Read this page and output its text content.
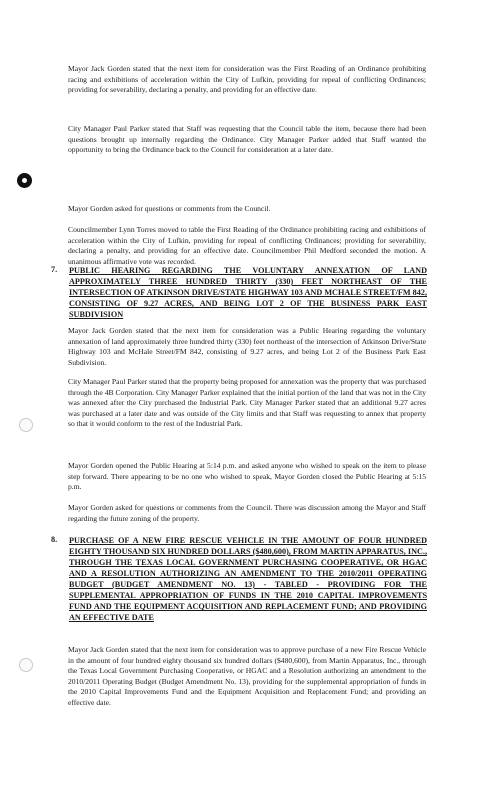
Mayor Jack Gorden stated that the next item for consideration was the First Reading of an Ordinance prohibiting racing and exhibitions of acceleration within the City of Lufkin, providing for repeal of conflicting Ordinances; providing for severability, declaring a penalty, and providing for an effective date.

City Manager Paul Parker stated that Staff was requesting that the Council table the item, because there had been questions brought up internally regarding the Ordinance. City Manager Parker added that Staff wanted the opportunity to bring the Ordinance back to the Council for consideration at a later date.

Mayor Gorden asked for questions or comments from the Council.

Councilmember Lynn Torres moved to table the First Reading of the Ordinance prohibiting racing and exhibitions of acceleration within the City of Lufkin, providing for repeal of conflicting Ordinances; providing for severability, declaring a penalty, and providing for an effective date. Councilmember Phil Medford seconded the motion. A unanimous affirmative vote was recorded.

7. PUBLIC HEARING REGARDING THE VOLUNTARY ANNEXATION OF LAND APPROXIMATELY THREE HUNDRED THIRTY (330) FEET NORTHEAST OF THE INTERSECTION OF ATKINSON DRIVE/STATE HIGHWAY 103 AND MCHALE STREET/FM 842, CONSISTING OF 9.27 ACRES, AND BEING LOT 2 OF THE BUSINESS PARK EAST SUBDIVISION

Mayor Jack Gorden stated that the next item for consideration was a Public Hearing regarding the voluntary annexation of land approximately three hundred thirty (330) feet northeast of the intersection of Atkinson Drive/State Highway 103 and McHale Street/FM 842, consisting of 9.27 acres, and being Lot 2 of the Business Park East Subdivision.

City Manager Paul Parker stated that the property being proposed for annexation was the property that was purchased through the 4B Corporation. City Manager Parker explained that the initial portion of the land that was not in the City was annexed after the City purchased the Industrial Park. City Manager Parker stated that an additional 9.27 acres was purchased at a later date and was outside of the City limits and that Staff was requesting to annex that property so that it would conform to the rest of the Industrial Park.

Mayor Gorden opened the Public Hearing at 5:14 p.m. and asked anyone who wished to speak on the item to please step forward. There appearing to be no one who wished to speak, Mayor Gorden closed the Public Hearing at 5:15 p.m.

Mayor Gorden asked for questions or comments from the Council. There was discussion among the Mayor and Staff regarding the future zoning of the property.

8. PURCHASE OF A NEW FIRE RESCUE VEHICLE IN THE AMOUNT OF FOUR HUNDRED EIGHTY THOUSAND SIX HUNDRED DOLLARS ($480,600), FROM MARTIN APPARATUS, INC., THROUGH THE TEXAS LOCAL GOVERNMENT PURCHASING COOPERATIVE, OR HGAC AND A RESOLUTION AUTHORIZING AN AMENDMENT TO THE 2010/2011 OPERATING BUDGET (BUDGET AMENDMENT NO. 13) - TABLED - PROVIDING FOR THE SUPPLEMENTAL APPROPRIATION OF FUNDS IN THE 2010 CAPITAL IMPROVEMENTS FUND AND THE EQUIPMENT ACQUISITION AND REPLACEMENT FUND; AND PROVIDING AN EFFECTIVE DATE

Mayor Jack Gorden stated that the next item for consideration was to approve purchase of a new Fire Rescue Vehicle in the amount of four hundred eighty thousand six hundred dollars ($480,600), from Martin Apparatus, Inc., through the Texas Local Government Purchasing Cooperative, or HGAC and a Resolution authorizing an amendment to the 2010/2011 Operating Budget (Budget Amendment No. 13), providing for the supplemental appropriation of funds in the 2010 Capital Improvements Fund and the Equipment Acquisition and Replacement Fund; and providing an effective date.
